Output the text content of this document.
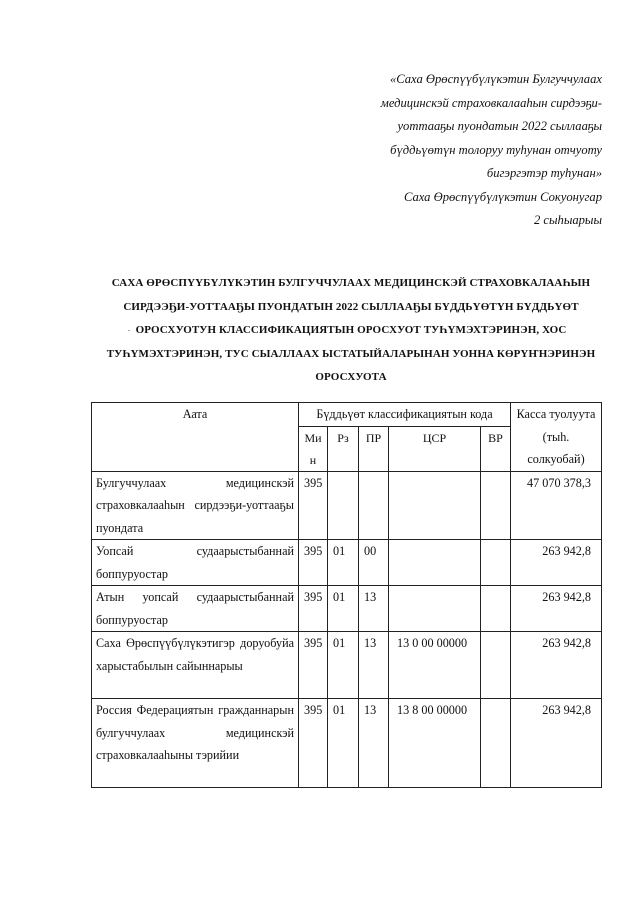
«Саха Өрөспүүбүлүкэтин Булгуччулаах

медицинскэй страховкалааһын сирдээҕи-

уоттааҕы пуондатын 2022 сыллааҕы

бүддьүөтүн толоруу туһунан отчуоту

бигэргэтэр туһунан»

Саха Өрөспүүбүлүкэтин Сокуонугар

2 сыһыарыы

САХА ӨРӨСПҮҮБҮЛҮКЭТИН БУЛГУЧЧУЛААХ МЕДИЦИНСКЭЙ СТРАХОВКАЛААҺЫН

СИРДЭЭҔИ-УОТТААҔЫ ПУОНДАТЫН 2022 СЫЛЛААҔЫ БҮДДЬҮӨТҮН БҮДДЬҮӨТ

ОРОСХУОТУН КЛАССИФИКАЦИЯТЫН ОРОСХУОТ ТУҺҮМЭХТЭРИНЭН, ХОС

ТУҺҮМЭХТЭРИНЭН, ТУС СЫАЛЛААХ ЫСТАТЫЙАЛАРЫНАН УОННА КӨРҮҤНЭРИНЭН

ОРОСХУОТА

.
Аата	Бүддьүөт классификациятын кода					Касса туолуута (тыһ. солкуобай)
	Ми н	Рз	ПР	ЦСР	ВР	
Булгуччулаах медицинскэй страховкалааһын сирдээҕи-уоттааҕы пуондата	395					47 070 378,3
Уопсай судаарыстыбаннай боппуруостар	395	01	00			263 942,8
Атын уопсай судаарыстыбаннай боппуруостар	395	01	13			263 942,8
Саха Өрөспүүбүлүкэтигэр доруобуйа харыстабылын сайыннарыы	395	01	13	13 0 00 00000		263 942,8
Россия Федерациятын гражданнарын булгуччулаах медицинскэй страховкалааһыны тэрийии	395	01	13	13 8 00 00000		263 942,8
